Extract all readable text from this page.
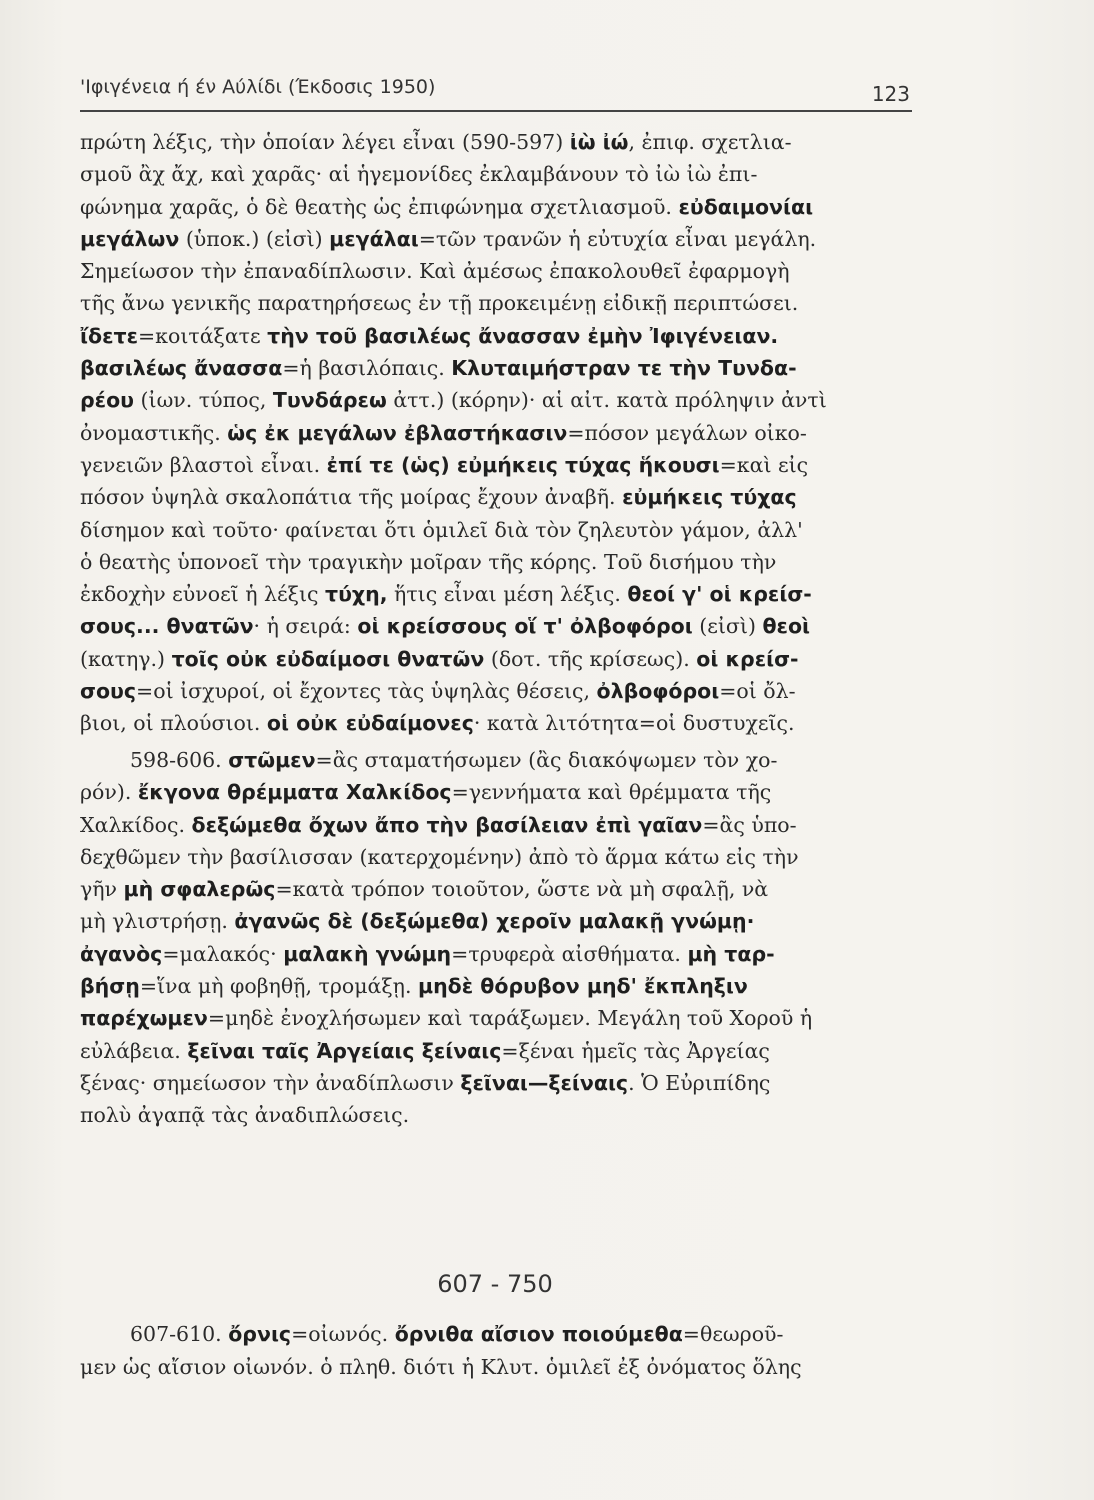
'Ιφιγένεια ή έν Αύλίδι (Έκδοσις 1950)	123
πρώτη λέξις, τὴν ὁποίαν λέγει εἶναι (590-597) ἰὼ ἰώ, ἐπιφ. σχετλια-
σμοῦ ἂχ ἄχ, καὶ χαρᾶς· αἱ ἡγεμονίδες ἐκλαμβάνουν τὸ ἰὼ ἰὼ ἐπι-
φώνημα χαρᾶς, ὁ δὲ θεατὴς ὡς ἐπιφώνημα σχετλιασμοῦ. εὐδαιμονίαι
μεγάλων (ὑποκ.) (εἰσὶ) μεγάλαι=τῶν τρανῶν ἡ εὐτυχία εἶναι μεγάλη.
Σημείωσον τὴν ἐπαναδίπλωσιν. Καὶ ἀμέσως ἐπακολουθεῖ ἐφαρμογὴ
τῆς ἄνω γενικῆς παρατηρήσεως ἐν τῇ προκειμένῃ εἰδικῇ περιπτώσει.
ἴδετε=κοιτάξατε τὴν τοῦ βασιλέως ἄνασσαν ἐμὴν Ἰφιγένειαν.
βασιλέως ἄνασσα=ἡ βασιλόπαις. Κλυταιμήστραν τε τὴν Τυνδα-
ρέου (ἰων. τύπος, Τυνδάρεω ἀττ.) (κόρην)· αἱ αἰτ. κατὰ πρόληψιν ἀντὶ
ὀνομαστικῆς. ὡς ἐκ μεγάλων ἐβλαστήκασιν=πόσον μεγάλων οἰκο-
γενειῶν βλαστοὶ εἶναι. ἐπί τε (ὡς) εὐμήκεις τύχας ἥκουσι=καὶ εἰς
πόσον ὑψηλὰ σκαλοπάτια τῆς μοίρας ἔχουν ἀναβῆ. εὐμήκεις τύχας
δίσημον καὶ τοῦτο· φαίνεται ὅτι ὁμιλεῖ διὰ τὸν ζηλευτὸν γάμον, ἀλλ'
ὁ θεατὴς ὑπονοεῖ τὴν τραγικὴν μοῖραν τῆς κόρης. Τοῦ δισήμου τὴν
ἐκδοχὴν εὐνοεῖ ἡ λέξις τύχη, ἥτις εἶναι μέση λέξις. θεοί γ' οἱ κρείσ-
σους... θνατῶν· ἡ σειρά: οἱ κρείσσους οἵ τ' ὀλβοφόροι (εἰσὶ) θεοὶ
(κατηγ.) τοῖς οὐκ εὐδαίμοσι θνατῶν (δοτ. τῆς κρίσεως). οἱ κρείσ-
σους=οἱ ἰσχυροί, οἱ ἔχοντες τὰς ὑψηλὰς θέσεις, ὀλβοφόροι=οἱ ὄλ-
βιοι, οἱ πλούσιοι. οἱ οὐκ εὐδαίμονες· κατὰ λιτότητα=οἱ δυστυχεῖς.
598-606. στῶμεν=ἂς σταματήσωμεν (ἂς διακόψωμεν τὸν χο-
ρόν). ἔκγονα θρέμματα Χαλκίδος=γεννήματα καὶ θρέμματα τῆς
Χαλκίδος. δεξώμεθα ὄχων ἄπο τὴν βασίλειαν ἐπὶ γαῖαν=ἂς ὑπο-
δεχθῶμεν τὴν βασίλισσαν (κατερχομένην) ἀπὸ τὸ ἅρμα κάτω εἰς τὴν
γῆν μὴ σφαλερῶς=κατὰ τρόπον τοιοῦτον, ὥστε νὰ μὴ σφαλῇ, νὰ
μὴ γλιστρήσῃ. ἀγανῶς δὲ (δεξώμεθα) χεροῖν μαλακῇ γνώμῃ·
ἀγανὸς=μαλακός· μαλακὴ γνώμη=τρυφερὰ αἰσθήματα. μὴ ταρ-
βήσῃ=ἵνα μὴ φοβηθῇ, τρομάξῃ. μηδὲ θόρυβον μηδ' ἔκπληξιν
παρέχωμεν=μηδὲ ἐνοχλήσωμεν καὶ ταράξωμεν. Μεγάλη τοῦ Χοροῦ ἡ
εὐλάβεια. ξεῖναι ταῖς Ἀργείαις ξείναις=ξέναι ἡμεῖς τὰς Ἀργείας
ξένας· σημείωσον τὴν ἀναδίπλωσιν ξεῖναι—ξείναις. Ὁ Εὐριπίδης
πολὺ ἀγαπᾷ τὰς ἀναδιπλώσεις.
607 - 750
607-610. ὄρνις=οἰωνός. ὄρνιθα αἴσιον ποιούμεθα=θεωροῦ-
μεν ὡς αἴσιον οἰωνόν. ὁ πληθ. διότι ἡ Κλυτ. ὁμιλεῖ ἐξ ὀνόματος ὅλης
